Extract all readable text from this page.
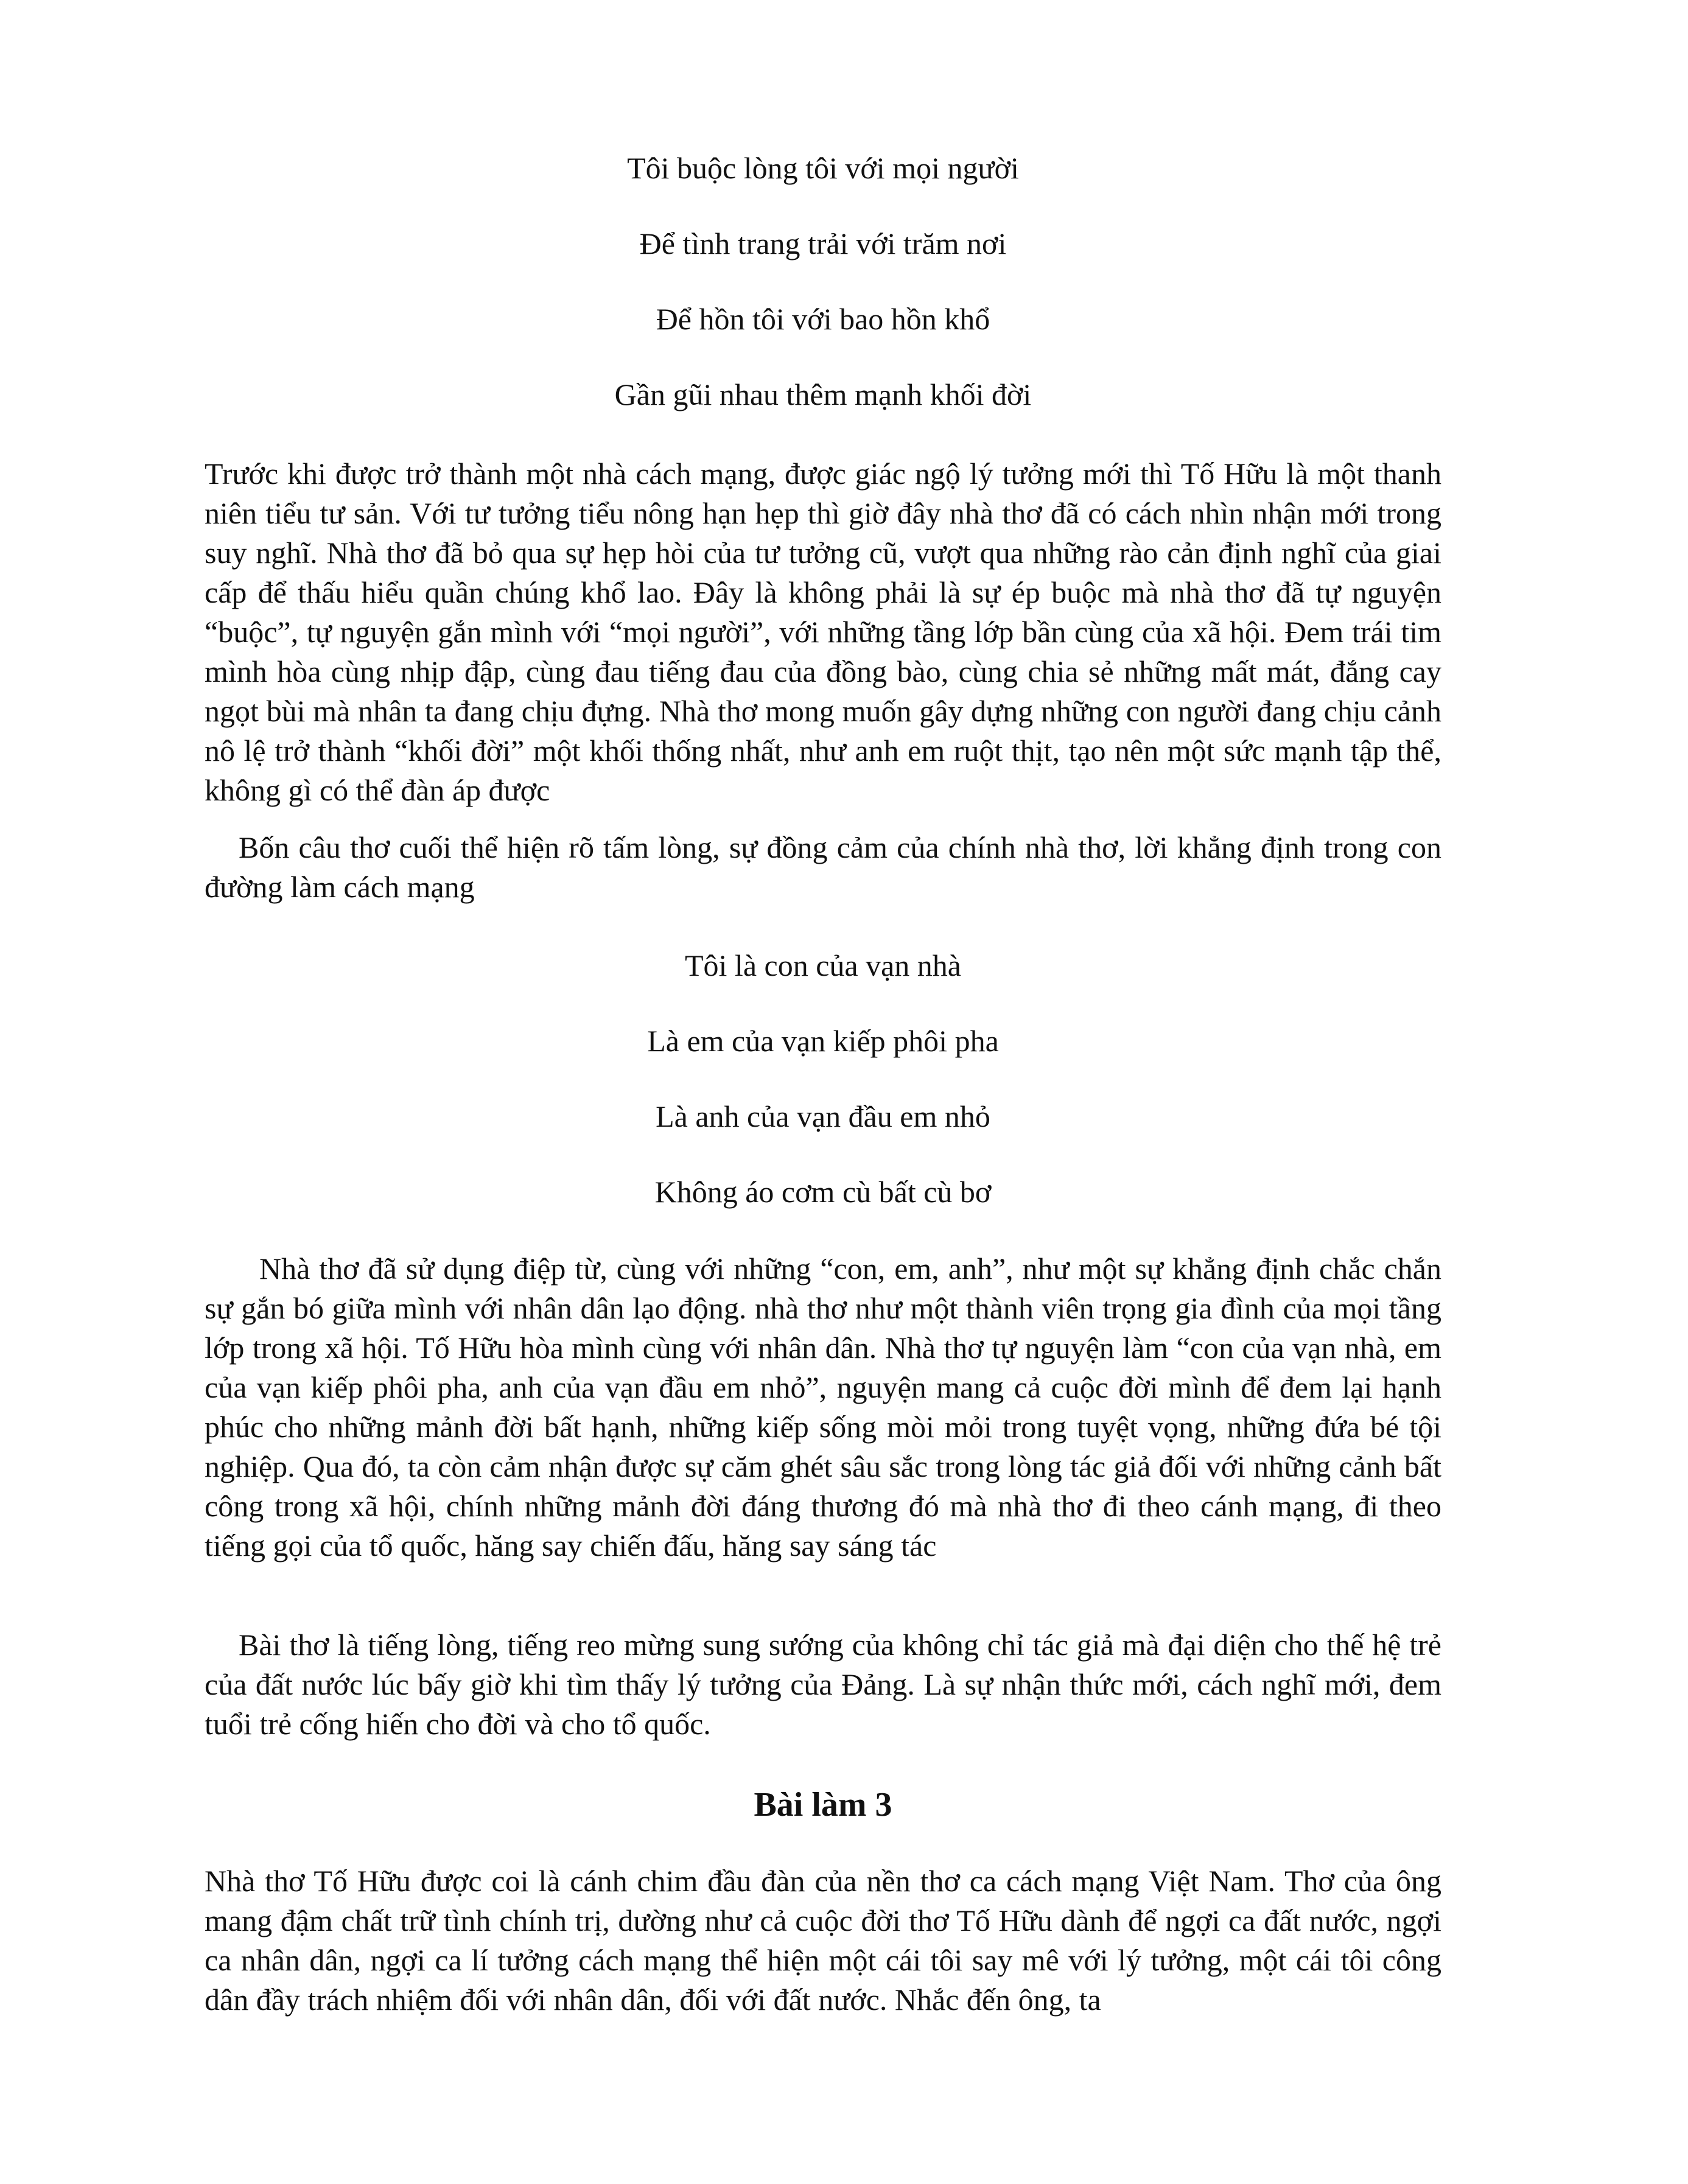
Tôi buộc lòng tôi với mọi người

Để tình trang trải với trăm nơi

Để hồn tôi với bao hồn khổ

Gần gũi nhau thêm mạnh khối đời

Trước khi được trở thành một nhà cách mạng, được giác ngộ lý tưởng mới thì Tố Hữu là một thanh niên tiểu tư sản. Với tư tưởng tiểu nông hạn hẹp thì giờ đây nhà thơ đã có cách nhìn nhận mới trong suy nghĩ. Nhà thơ đã bỏ qua sự hẹp hòi của tư tưởng cũ, vượt qua những rào cản định nghĩ của giai cấp để thấu hiểu quần chúng khổ lao. Đây là không phải là sự ép buộc mà nhà thơ đã tự nguyện “buộc”, tự nguyện gắn mình với “mọi người”, với những tầng lớp bần cùng của xã hội. Đem trái tim mình hòa cùng nhịp đập, cùng đau tiếng đau của đồng bào, cùng chia sẻ những mất mát, đắng cay ngọt bùi mà nhân ta đang chịu đựng. Nhà thơ mong muốn gây dựng những con người đang chịu cảnh nô lệ trở thành “khối đời” một khối thống nhất, như anh em ruột thịt, tạo nên một sức mạnh tập thể, không gì có thể đàn áp được

Bốn câu thơ cuối thể hiện rõ tấm lòng, sự đồng cảm của chính nhà thơ, lời khẳng định trong con đường làm cách mạng

Tôi là con của vạn nhà

Là em của vạn kiếp phôi pha

Là anh của vạn đầu em nhỏ

Không áo cơm cù bất cù bơ

Nhà thơ đã sử dụng điệp từ, cùng với những “con, em, anh”, như một sự khẳng định chắc chắn sự gắn bó giữa mình với nhân dân lạo động. nhà thơ như một thành viên trọng gia đình của mọi tầng lớp trong xã hội. Tố Hữu hòa mình cùng với nhân dân. Nhà thơ tự nguyện làm “con của vạn nhà, em của vạn kiếp phôi pha, anh của vạn đầu em nhỏ”, nguyện mang cả cuộc đời mình để đem lại hạnh phúc cho những mảnh đời bất hạnh, những kiếp sống mòi mỏi trong tuyệt vọng, những đứa bé tội nghiệp. Qua đó, ta còn cảm nhận được sự căm ghét sâu sắc trong lòng tác giả đối với những cảnh bất công trong xã hội, chính những mảnh đời đáng thương đó mà nhà thơ đi theo cánh mạng, đi theo tiếng gọi của tổ quốc, hăng say chiến đấu, hăng say sáng tác

Bài thơ là tiếng lòng, tiếng reo mừng sung sướng của không chỉ tác giả mà đại diện cho thế hệ trẻ của đất nước lúc bấy giờ khi tìm thấy lý tưởng của Đảng. Là sự nhận thức mới, cách nghĩ mới, đem tuổi trẻ cống hiến cho đời và cho tổ quốc.

Bài làm 3

Nhà thơ Tố Hữu được coi là cánh chim đầu đàn của nền thơ ca cách mạng Việt Nam. Thơ của ông mang đậm chất trữ tình chính trị, dường như cả cuộc đời thơ Tố Hữu dành để ngợi ca đất nước, ngợi ca nhân dân, ngợi ca lí tưởng cách mạng thể hiện một cái tôi say mê với lý tưởng, một cái tôi công dân đầy trách nhiệm đối với nhân dân, đối với đất nước. Nhắc đến ông, ta
